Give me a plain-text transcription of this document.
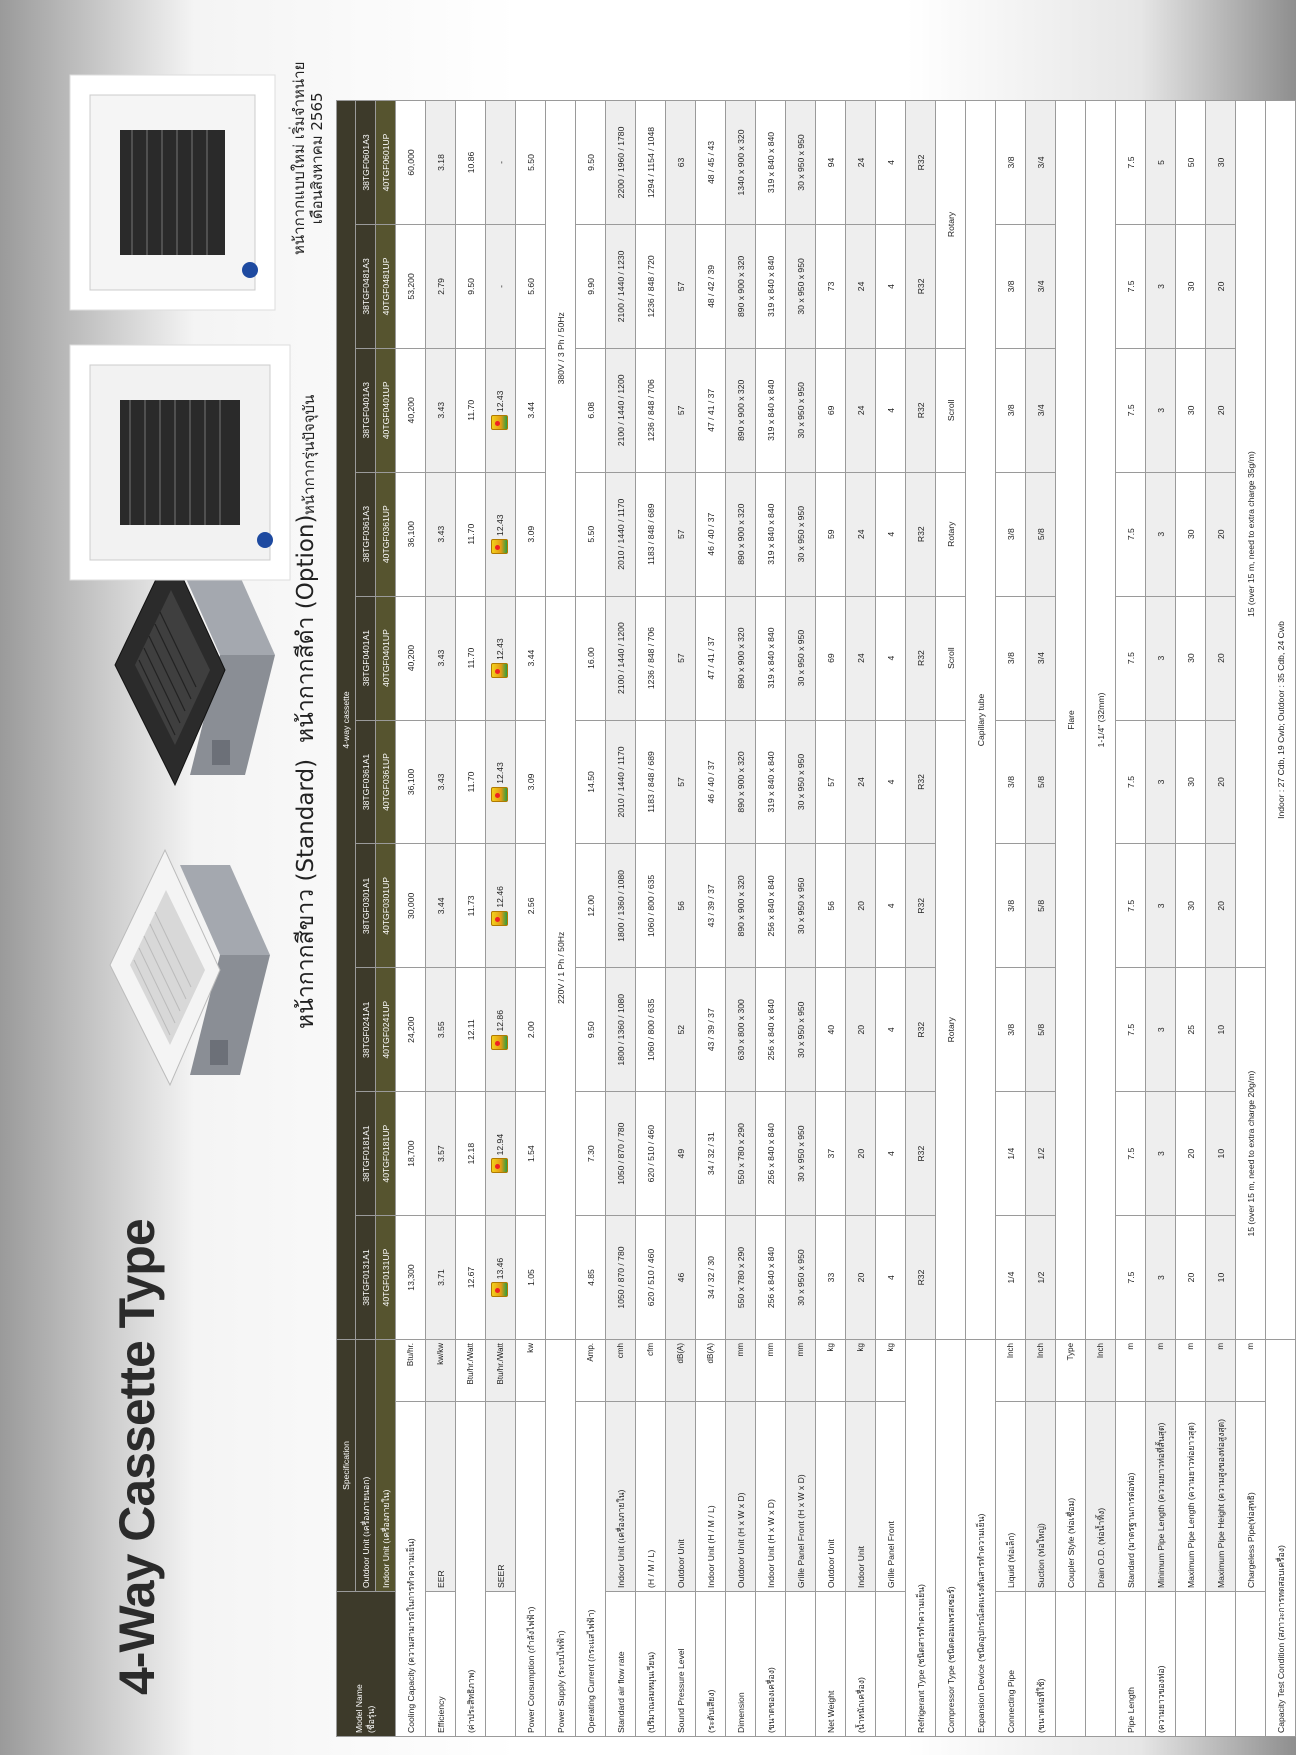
4-Way Cassette Type
หน้ากากสีขาว (Standard)
หน้ากากสีดำ (Option)
หน้ากากรุ่นปัจจุบัน
หน้ากากแบบใหม่ เริ่มจำหน่าย เดือนสิงหาคม 2565
Model Name (ชื่อรุ่น)	Specification		4-way cassette									
	Outdoor Unit (เครื่องภายนอก)		38TGF0131A1	38TGF0181A1	38TGF0241A1	38TGF0301A1	38TGF0361A1	38TGF0401A1	38TGF0361A3	38TGF0401A3	38TGF0481A3	38TGF0601A3
	Indoor Unit (เครื่องภายใน)		40TGF0131UP	40TGF0181UP	40TGF0241UP	40TGF0301UP	40TGF0361UP	40TGF0401UP	40TGF0361UP	40TGF0401UP	40TGF0481UP	40TGF0601UP
Cooling Capacity (ความสามารถในการทำความเย็น)		Btu/hr.	13,300	18,700	24,200	30,000	36,100	40,200	36,100	40,200	53,200	60,000
Efficiency	EER	kw/kw	3.71	3.57	3.55	3.44	3.43	3.43	3.43	3.43	2.79	3.18
(ค่าประสิทธิภาพ)		Btu/hr./Watt	12.67	12.18	12.11	11.73	11.70	11.70	11.70	11.70	9.50	10.86
	SEER	Btu/hr./Watt	13.46	12.94	12.86	12.46	12.43	12.43	12.43	12.43	-	-
Power Consumption (กำลังไฟฟ้า)		kw	1.05	1.54	2.00	2.56	3.09	3.44	3.09	3.44	5.60	5.50
Power Supply (ระบบไฟฟ้า)			220V / 1 Ph / 50Hz						380V / 3 Ph / 50Hz			
Operating Current (กระแสไฟฟ้า)		Amp.	4.85	7.30	9.50	12.00	14.50	16.00	5.50	6.08	9.90	9.50
Standard air flow rate	Indoor Unit (เครื่องภายใน)	cmh	1050 / 870 / 780	1050 / 870 / 780	1800 / 1360 / 1080	1800 / 1360 / 1080	2010 / 1440 / 1170	2100 / 1440 / 1200	2010 / 1440 / 1170	2100 / 1440 / 1200	2100 / 1440 / 1230	2200 / 1960 / 1780
(ปริมาณลมหมุนเวียน)	(H / M / L)	cfm	620 / 510 / 460	620 / 510 / 460	1060 / 800 / 635	1060 / 800 / 635	1183 / 848 / 689	1236 / 848 / 706	1183 / 848 / 689	1236 / 848 / 706	1236 / 848 / 720	1294 / 1154 / 1048
Sound Pressure Level	Outdoor Unit	dB(A)	46	49	52	56	57	57	57	57	57	63
(ระดับเสียง)	Indoor Unit (H / M / L)	dB(A)	34 / 32 / 30	34 / 32 / 31	43 / 39 / 37	43 / 39 / 37	46 / 40 / 37	47 / 41 / 37	46 / 40 / 37	47 / 41 / 37	48 / 42 / 39	48 / 45 / 43
Dimension	Outdoor Unit (H x W x D)	mm	550 x 780 x 290	550 x 780 x 290	630 x 800 x 300	890 x 900 x 320	890 x 900 x 320	890 x 900 x 320	890 x 900 x 320	890 x 900 x 320	890 x 900 x 320	1340 x 900 x 320
(ขนาดของเครื่อง)	Indoor Unit (H x W x D)	mm	256 x 840 x 840	256 x 840 x 840	256 x 840 x 840	256 x 840 x 840	319 x 840 x 840	319 x 840 x 840	319 x 840 x 840	319 x 840 x 840	319 x 840 x 840	319 x 840 x 840
	Grille Panel Front (H x W x D)	mm	30 x 950 x 950	30 x 950 x 950	30 x 950 x 950	30 x 950 x 950	30 x 950 x 950	30 x 950 x 950	30 x 950 x 950	30 x 950 x 950	30 x 950 x 950	30 x 950 x 950
Net Weight	Outdoor Unit	kg	33	37	40	56	57	69	59	69	73	94
(น้ำหนักเครื่อง)	Indoor Unit	kg	20	20	20	20	24	24	24	24	24	24
	Grille Panel Front	kg	4	4	4	4	4	4	4	4	4	4
Refrigerant Type (ชนิดสารทำความเย็น)			R32	R32	R32	R32	R32	R32	R32	R32	R32	R32
Compressor Type (ชนิดคอมเพรสเซอร์)			Rotary					Scroll	Rotary	Scroll	Rotary	
Expansion Device (ชนิดอุปกรณ์ลดแรงดันสารทำความเย็น)			Capillary tube									
Connecting Pipe	Liquid (ท่อเล็ก)	Inch	1/4	1/4	3/8	3/8	3/8	3/8	3/8	3/8	3/8	3/8
(ขนาดท่อที่ใช้)	Suction (ท่อใหญ่)	Inch	1/2	1/2	5/8	5/8	5/8	3/4	5/8	3/4	3/4	3/4
	Coupler Style (ท่อเชื่อม)	Type	Flare									
	Drain O.D. (ท่อน้ำทิ้ง)	Inch	1-1/4" (32mm)									
Pipe Length	Standard (มาตรฐานการต่อท่อ)	m	7.5	7.5	7.5	7.5	7.5	7.5	7.5	7.5	7.5	7.5
(ความยาวของท่อ)	Minimum Pipe Length (ความยาวท่อที่สั้นสุด)	m	3	3	3	3	3	3	3	3	3	5
	Maximum Pipe Length (ความยาวท่อยาวสุด)	m	20	20	25	30	30	30	30	30	30	50
	Maximum Pipe Height (ความสูงของท่อสูงสุด)	m	10	10	10	20	20	20	20	20	20	30
	Chargeless Pipe(ท่อสุทธิ)	m	15 (over 15 m, need to extra charge 20g/m)			15 (over 15 m, need to extra charge 35g/m)						
Capacity Test Condition (สภาวะการทดสอบเครื่อง)			Indoor : 27 Cdb, 19 Cwb; Outdoor : 35 Cdb, 24 Cwb									
